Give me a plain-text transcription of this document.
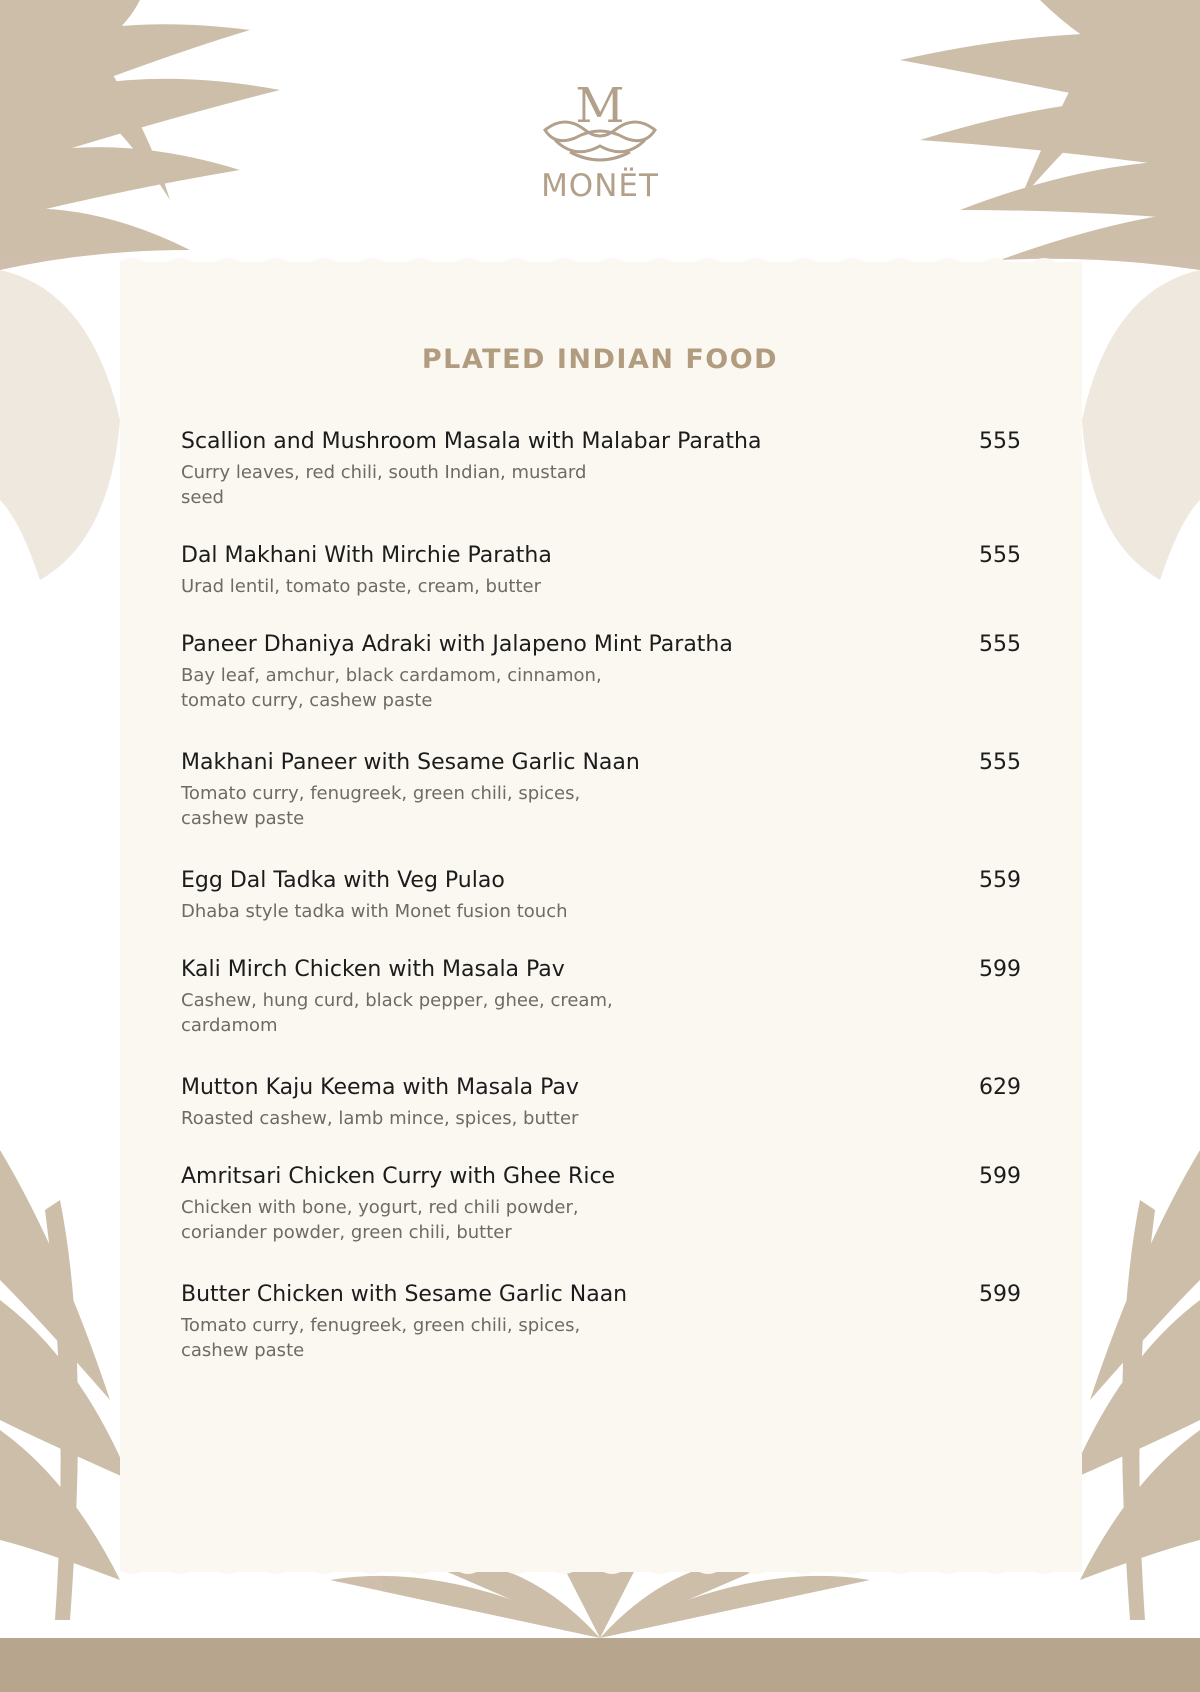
M
MONËT
PLATED INDIAN FOOD
Scallion and Mushroom Masala with Malabar Paratha
Curry leaves, red chili, south Indian, mustard seed
555
Dal Makhani With Mirchie Paratha
Urad lentil, tomato paste, cream, butter
555
Paneer Dhaniya Adraki with Jalapeno Mint Paratha
Bay leaf, amchur, black cardamom, cinnamon, tomato curry, cashew paste
555
Makhani Paneer with Sesame Garlic Naan
Tomato curry, fenugreek, green chili, spices, cashew paste
555
Egg Dal Tadka with Veg Pulao
Dhaba style tadka with Monet fusion touch
559
Kali Mirch Chicken with Masala Pav
Cashew, hung curd, black pepper, ghee, cream, cardamom
599
Mutton Kaju Keema with Masala Pav
Roasted cashew, lamb mince, spices, butter
629
Amritsari Chicken Curry with Ghee Rice
Chicken with bone, yogurt, red chili powder, coriander powder, green chili, butter
599
Butter Chicken with Sesame Garlic Naan
Tomato curry, fenugreek, green chili, spices, cashew paste
599
